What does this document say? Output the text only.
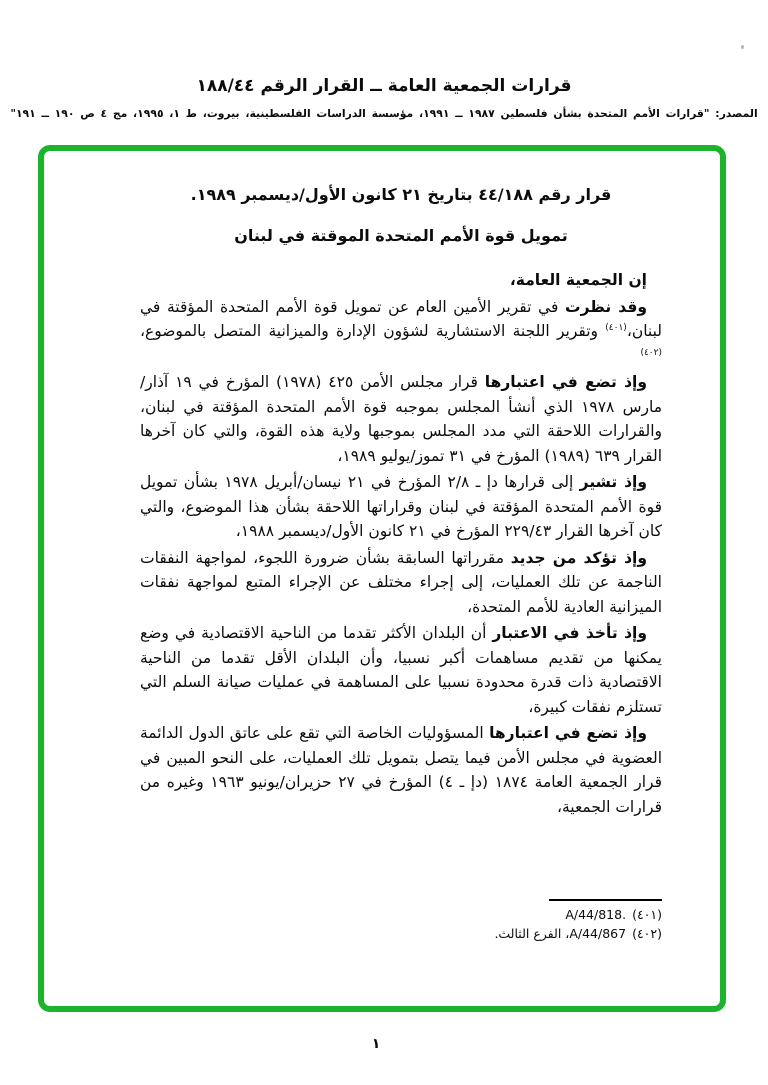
قرارات الجمعية العامة ــ القرار الرقم ١٨٨/٤٤
المصدر: "قرارات الأمم المتحدة بشأن فلسطين ١٩٨٧ ــ ١٩٩١، مؤسسة الدراسات الفلسطينية، بيروت، ط ١، ١٩٩٥، مج ٤ ص ١٩٠ ــ ١٩١"

قرار رقم ٤٤/١٨٨ بتاريخ ٢١ كانون الأول/ديسمبر ١٩٨٩.

تمويل قوة الأمم المتحدة الموقتة في لبنان

إن الجمعية العامة،

وقد نظرت في تقرير الأمين العام عن تمويل قوة الأمم المتحدة المؤقتة في لبنان،$^{(٤٠١)}$ وتقرير اللجنة الاستشارية لشؤون الإدارة والميزانية المتصل بالموضوع،$^{(٤٠٢)}$

وإذ تضع في اعتبارها قرار مجلس الأمن ٤٢٥ (١٩٧٨) المؤرخ في ١٩ آذار/مارس ١٩٧٨ الذي أنشأ المجلس بموجبه قوة الأمم المتحدة المؤقتة في لبنان، والقرارات اللاحقة التي مدد المجلس بموجبها ولاية هذه القوة، والتي كان آخرها القرار ٦٣٩ (١٩٨٩) المؤرخ في ٣١ تموز/يوليو ١٩٨٩،

وإذ تشير إلى قرارها دإ ـ ٢/٨ المؤرخ في ٢١ نيسان/أبريل ١٩٧٨ بشأن تمويل قوة الأمم المتحدة المؤقتة في لبنان وقراراتها اللاحقة بشأن هذا الموضوع، والتي كان آخرها القرار ٢٢٩/٤٣ المؤرخ في ٢١ كانون الأول/ديسمبر ١٩٨٨،

وإذ تؤكد من جديد مقرراتها السابقة بشأن ضرورة اللجوء، لمواجهة النفقات الناجمة عن تلك العمليات، إلى إجراء مختلف عن الإجراء المتبع لمواجهة نفقات الميزانية العادية للأمم المتحدة،

وإذ تأخذ في الاعتبار أن البلدان الأكثر تقدما من الناحية الاقتصادية في وضع يمكنها من تقديم مساهمات أكبر نسبيا، وأن البلدان الأقل تقدما من الناحية الاقتصادية ذات قدرة محدودة نسبيا على المساهمة في عمليات صيانة السلم التي تستلزم نفقات كبيرة،

وإذ تضع في اعتبارها المسؤوليات الخاصة التي تقع على عاتق الدول الدائمة العضوية في مجلس الأمن فيما يتصل بتمويل تلك العمليات، على النحو المبين في قرار الجمعية العامة ١٨٧٤ (دإ ـ ٤) المؤرخ في ٢٧ حزيران/يونيو ١٩٦٣ وغيره من قرارات الجمعية،

(٤٠١)A/44/818.
(٤٠٢)A/44/867، الفرع الثالث.
١
